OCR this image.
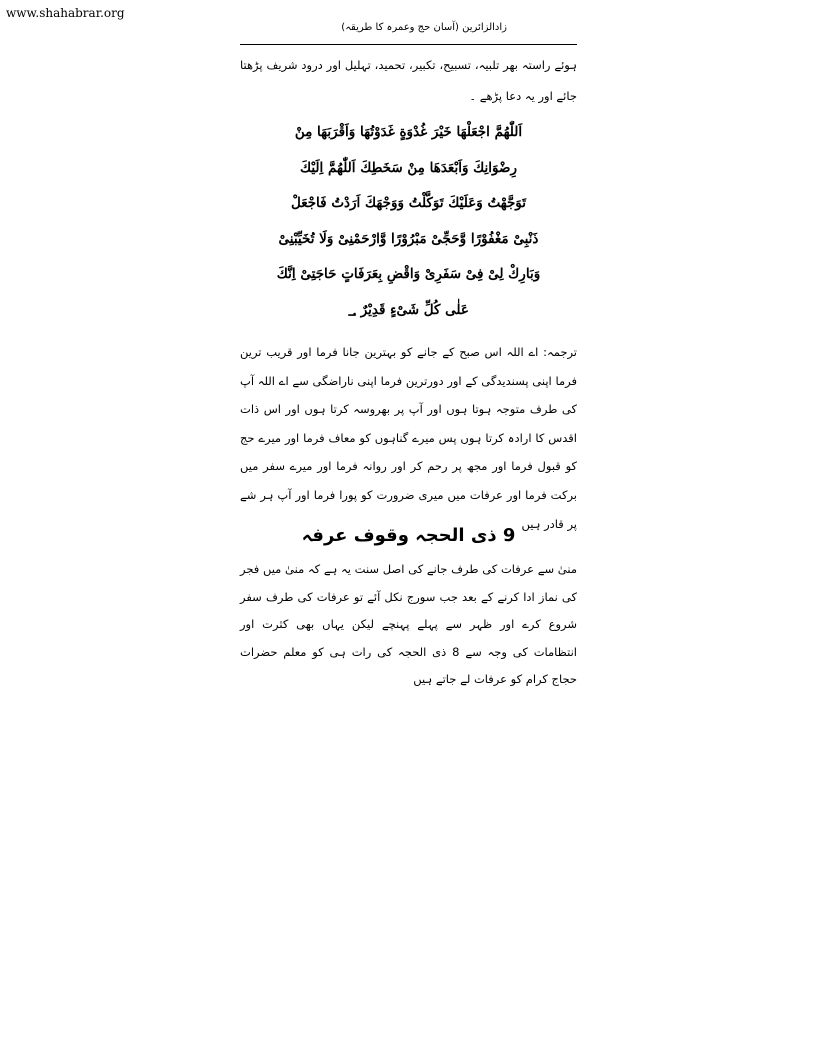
www.shahabrar.org
زادالزائرین (آسان حج وعمرہ کا طریقہ)

ہوئے راستہ بھر تلبیہ، تسبیح، تکبیر، تحمید، تہلیل اور درود شریف پڑھتا جائے اور یہ دعا پڑھے ۔

اَللّٰهُمَّ اجْعَلْهَا خَيْرَ غُدْوَةٍ غَدَوْتُهَا وَاَقْرَبَهَا مِنْ
رِضْوَانِكَ وَاَبْعَدَهَا مِنْ سَخَطِكَ اَللّٰهُمَّ اِلَيْكَ
تَوَجَّهْتُ وَعَلَيْكَ تَوَكَّلْتُ وَوَجْهَكَ اَرَدْتُ فَاجْعَلْ
ذَنْبِىْ مَغْفُوْرًا وَّحَجِّىْ مَبْرُوْرًا وَّارْحَمْنِىْ وَلَا تُخَيِّبْنِىْ
وَبَارِكْ لِىْ فِىْ سَفَرِىْ وَاقْضِ بِعَرَفَاتٍ حَاجَتِىْ اِنَّكَ
عَلٰى كُلِّ شَىْءٍ قَدِيْرٌ ؀

ترجمہ: اے اللہ اس صبح کے جانے کو بہترین جانا فرما اور قریب ترین فرما اپنی پسندیدگی کے اور دورترین فرما اپنی ناراضگی سے اے اللہ آپ کی طرف متوجہ ہوتا ہوں اور آپ پر بھروسہ کرتا ہوں اور اس ذات اقدس کا ارادہ کرتا ہوں پس میرے گناہوں کو معاف فرما اور میرے حج کو قبول فرما اور مجھ پر رحم کر اور روانہ فرما اور میرے سفر میں برکت فرما اور عرفات میں میری ضرورت کو پورا فرما اور آپ ہر شے پر قادر ہیں

9 ذی الحجہ وقوف عرفہ

منیٰ سے عرفات کی طرف جانے کی اصل سنت یہ ہے کہ منیٰ میں فجر کی نماز ادا کرنے کے بعد جب سورج نکل آئے تو عرفات کی طرف سفر شروع کرے اور ظہر سے پہلے پہنچے لیکن یہاں بھی کثرت اور انتظامات کی وجہ سے 8 ذی الحجہ کی رات ہی کو معلم حضرات حجاج کرام کو عرفات لے جاتے ہیں
